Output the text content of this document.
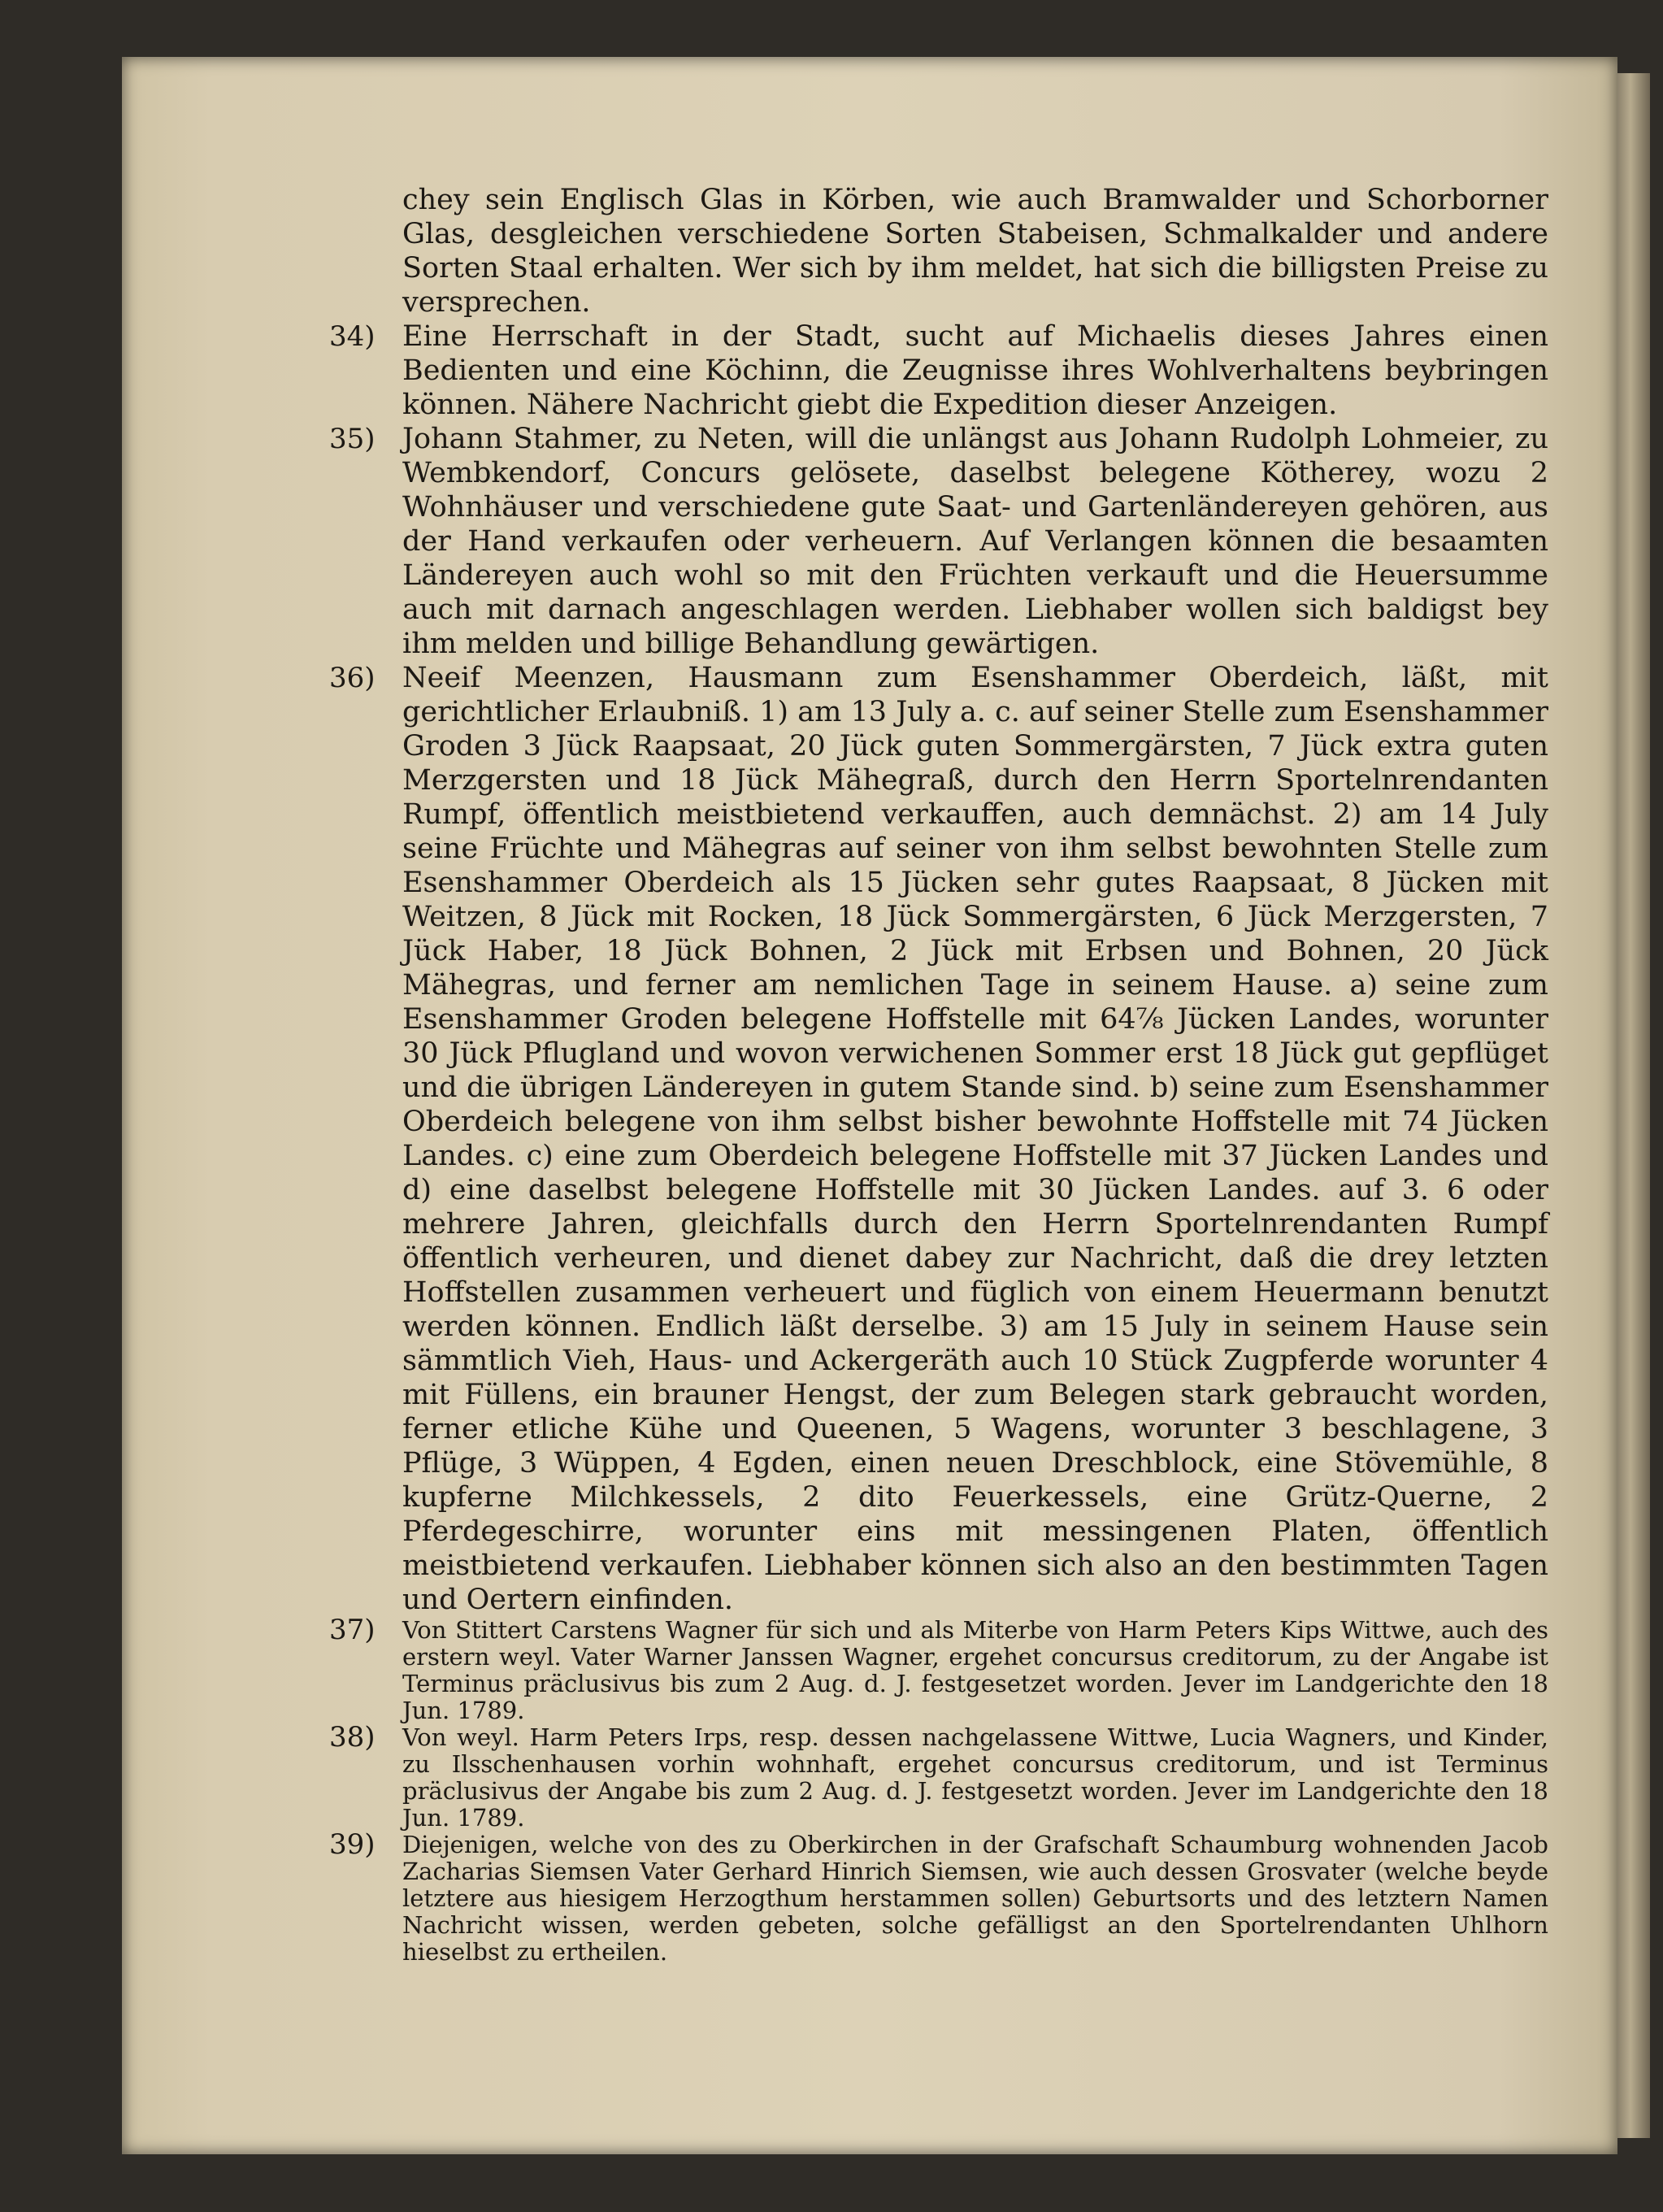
chey sein Englisch Glas in Körben, wie auch Bramwalder und Schorborner Glas, desgleichen verschiedene Sorten Stabeisen, Schmalkalder und andere Sorten Staal erhalten. Wer sich by ihm meldet, hat sich die billigsten Preise zu versprechen.

34) Eine Herrschaft in der Stadt, sucht auf Michaelis dieses Jahres einen Bedienten und eine Köchinn, die Zeugnisse ihres Wohlverhaltens beybringen können. Nähere Nachricht giebt die Expedition dieser Anzeigen.

35) Johann Stahmer, zu Neten, will die unlängst aus Johann Rudolph Lohmeier, zu Wembkendorf, Concurs gelösete, daselbst belegene Kötherey, wozu 2 Wohnhäuser und verschiedene gute Saat- und Gartenländereyen gehören, aus der Hand verkaufen oder verheuern. Auf Verlangen können die besaamten Ländereyen auch wohl so mit den Früchten verkauft und die Heuersumme auch mit darnach angeschlagen werden. Liebhaber wollen sich baldigst bey ihm melden und billige Behandlung gewärtigen.

36) Neeif Meenzen, Hausmann zum Esenshammer Oberdeich, läßt, mit gerichtlicher Erlaubniß. 1) am 13 July a. c. auf seiner Stelle zum Esenshammer Groden 3 Jück Raapsaat, 20 Jück guten Sommergärsten, 7 Jück extra guten Merzgersten und 18 Jück Mähegraß, durch den Herrn Sportelnrendanten Rumpf, öffentlich meistbietend verkauffen, auch demnächst. 2) am 14 July seine Früchte und Mähegras auf seiner von ihm selbst bewohnten Stelle zum Esenshammer Oberdeich als 15 Jücken sehr gutes Raapsaat, 8 Jücken mit Weitzen, 8 Jück mit Rocken, 18 Jück Sommergärsten, 6 Jück Merzgersten, 7 Jück Haber, 18 Jück Bohnen, 2 Jück mit Erbsen und Bohnen, 20 Jück Mähegras, und ferner am nemlichen Tage in seinem Hause. a) seine zum Esenshammer Groden belegene Hoffstelle mit 64⅞ Jücken Landes, worunter 30 Jück Pflugland und wovon verwichenen Sommer erst 18 Jück gut gepflüget und die übrigen Ländereyen in gutem Stande sind. b) seine zum Esenshammer Oberdeich belegene von ihm selbst bisher bewohnte Hoffstelle mit 74 Jücken Landes. c) eine zum Oberdeich belegene Hoffstelle mit 37 Jücken Landes und d) eine daselbst belegene Hoffstelle mit 30 Jücken Landes. auf 3. 6 oder mehrere Jahren, gleichfalls durch den Herrn Sportelnrendanten Rumpf öffentlich verheuren, und dienet dabey zur Nachricht, daß die drey letzten Hoffstellen zusammen verheuert und füglich von einem Heuermann benutzt werden können. Endlich läßt derselbe. 3) am 15 July in seinem Hause sein sämmtlich Vieh, Haus- und Ackergeräth auch 10 Stück Zugpferde worunter 4 mit Füllens, ein brauner Hengst, der zum Belegen stark gebraucht worden, ferner etliche Kühe und Queenen, 5 Wagens, worunter 3 beschlagene, 3 Pflüge, 3 Wüppen, 4 Egden, einen neuen Dreschblock, eine Stövemühle, 8 kupferne Milchkessels, 2 dito Feuerkessels, eine Grütz-Querne, 2 Pferdegeschirre, worunter eins mit messingenen Platen, öffentlich meistbietend verkaufen. Liebhaber können sich also an den bestimmten Tagen und Oertern einfinden.

37) Von Stittert Carstens Wagner für sich und als Miterbe von Harm Peters Kips Wittwe, auch des erstern weyl. Vater Warner Janssen Wagner, ergehet concursus creditorum, zu der Angabe ist Terminus präclusivus bis zum 2 Aug. d. J. festgesetzet worden. Jever im Landgerichte den 18 Jun. 1789.

38) Von weyl. Harm Peters Irps, resp. dessen nachgelassene Wittwe, Lucia Wagners, und Kinder, zu Ilsschenhausen vorhin wohnhaft, ergehet concursus creditorum, und ist Terminus präclusivus der Angabe bis zum 2 Aug. d. J. festgesetzt worden. Jever im Landgerichte den 18 Jun. 1789.

39) Diejenigen, welche von des zu Oberkirchen in der Grafschaft Schaumburg wohnenden Jacob Zacharias Siemsen Vater Gerhard Hinrich Siemsen, wie auch dessen Grosvater (welche beyde letztere aus hiesigem Herzogthum herstammen sollen) Geburtsorts und des letztern Namen Nachricht wissen, werden gebeten, solche gefälligst an den Sportelrendanten Uhlhorn hieselbst zu ertheilen.
